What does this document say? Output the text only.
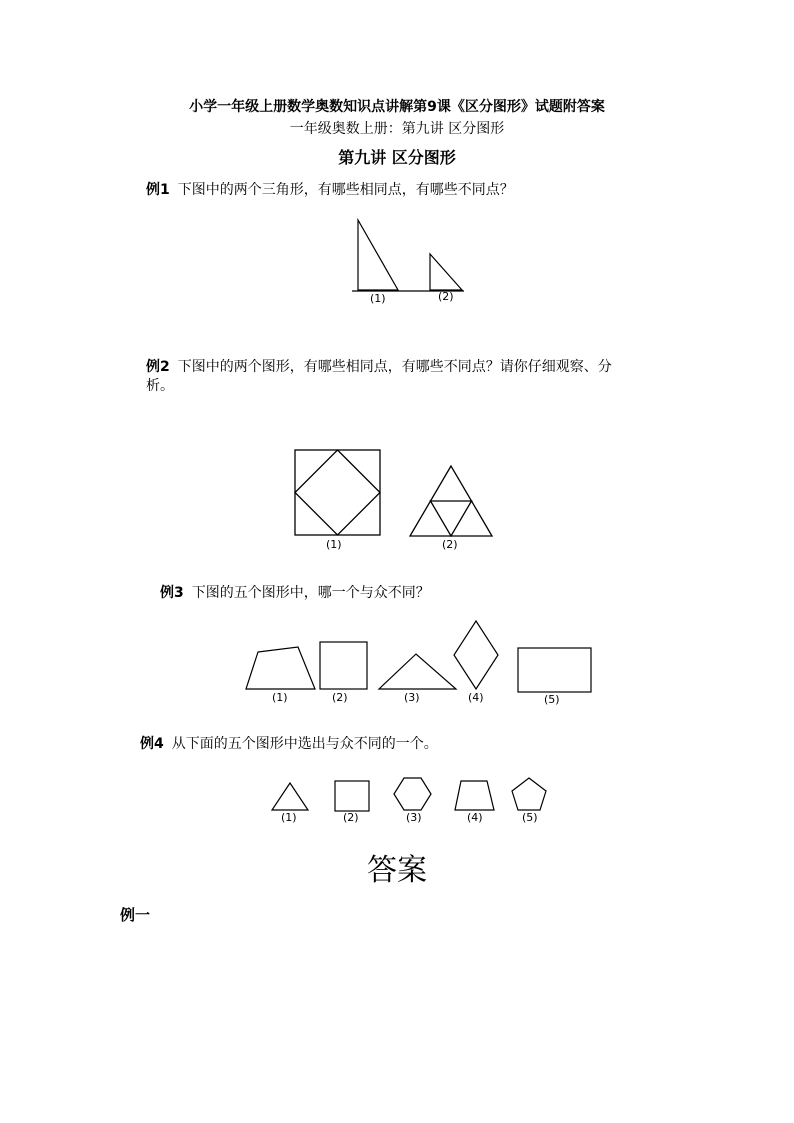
小学一年级上册数学奥数知识点讲解第9课《区分图形》试题附答案
一年级奥数上册：第九讲 区分图形
第九讲 区分图形
例1 下图中的两个三角形，有哪些相同点，有哪些不同点？
(1)	(2)
例2 下图中的两个图形，有哪些相同点，有哪些不同点？请你仔细观察、分
析。
(1)	(2)
例3 下图的五个图形中，哪一个与众不同？
(1)	(2)	(3)	(4)	(5)
例4 从下面的五个图形中选出与众不同的一个。
(1)	(2)	(3)	(4)	(5)
答案
例一
